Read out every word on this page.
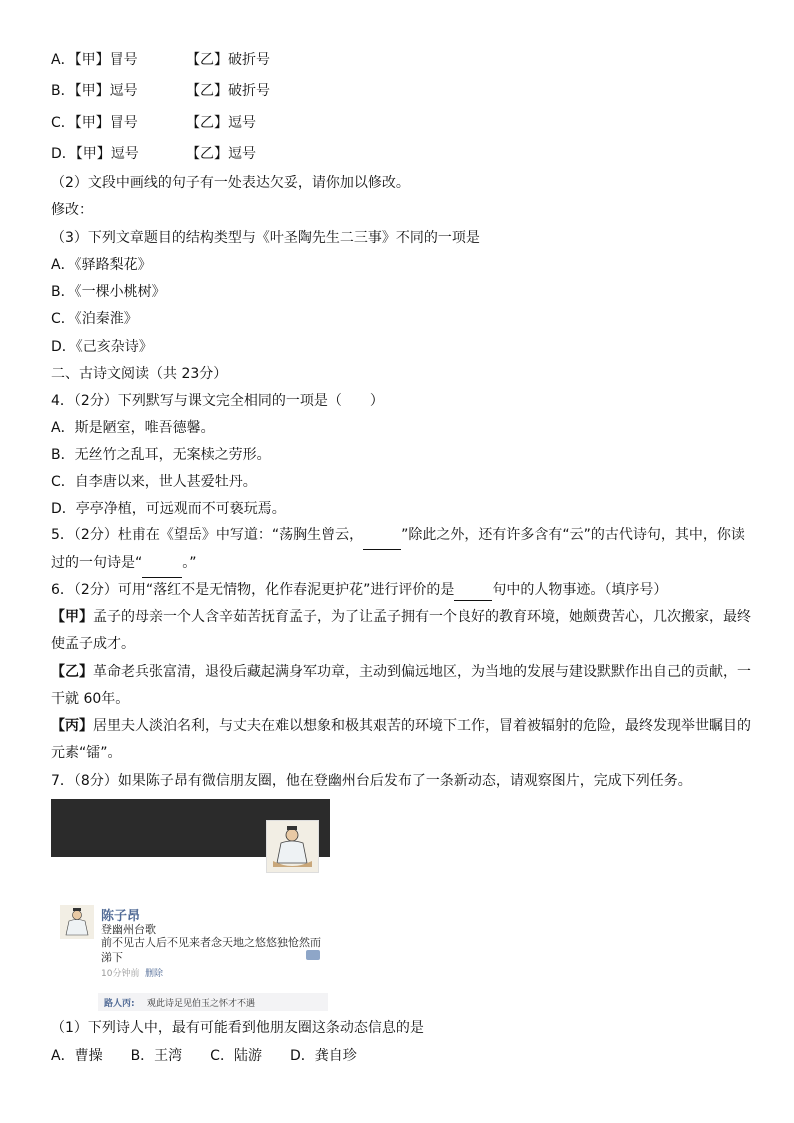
A．【甲】冒号	【乙】破折号
B．【甲】逗号	【乙】破折号
C．【甲】冒号	【乙】逗号
D．【甲】逗号	【乙】逗号
（2）文段中画线的句子有一处表达欠妥，请你加以修改。
修改：
（3）下列文章题目的结构类型与《叶圣陶先生二三事》不同的一项是
A．《驿路梨花》
B．《一棵小桃树》
C．《泊秦淮》
D．《己亥杂诗》
二、古诗文阅读（共 23分）
4．（2分）下列默写与课文完全相同的一项是（　　）
A．斯是陋室，唯吾德馨。
B．无丝竹之乱耳，无案椟之劳形。
C．自李唐以来，世人甚爱牡丹。
D．亭亭净植，可远观而不可亵玩焉。
5．（2分）杜甫在《望岳》中写道：“荡胸生曾云，	”除此之外，还有许多含有“云”的古代诗句，其中，你读
过的一句诗是“	。”
6．（2分）可用“落红不是无情物，化作春泥更护花”进行评价的是	句中的人物事迹。（填序号）
【甲】孟子的母亲一个人含辛茹苦抚育孟子，为了让孟子拥有一个良好的教育环境，她颇费苦心，几次搬家，最终使孟子成才。
【乙】革命老兵张富清，退役后藏起满身军功章，主动到偏远地区，为当地的发展与建设默默作出自己的贡献，一干就 60年。
【丙】居里夫人淡泊名利，与丈夫在难以想象和极其艰苦的环境下工作，冒着被辐射的危险，最终发现举世瞩目的元素“镭”。
7．（8分）如果陈子昂有微信朋友圈，他在登幽州台后发布了一条新动态，请观察图片，完成下列任务。
陈子昂
登幽州台歌
前不见古人后不见来者念天地之悠悠独怆然而涕下
10分钟前 删除
···
路人丙: 观此诗足见伯玉之怀才不遇
（1）下列诗人中，最有可能看到他朋友圈这条动态信息的是
A．曹操　　B．王湾　　C．陆游　　D．龚自珍
